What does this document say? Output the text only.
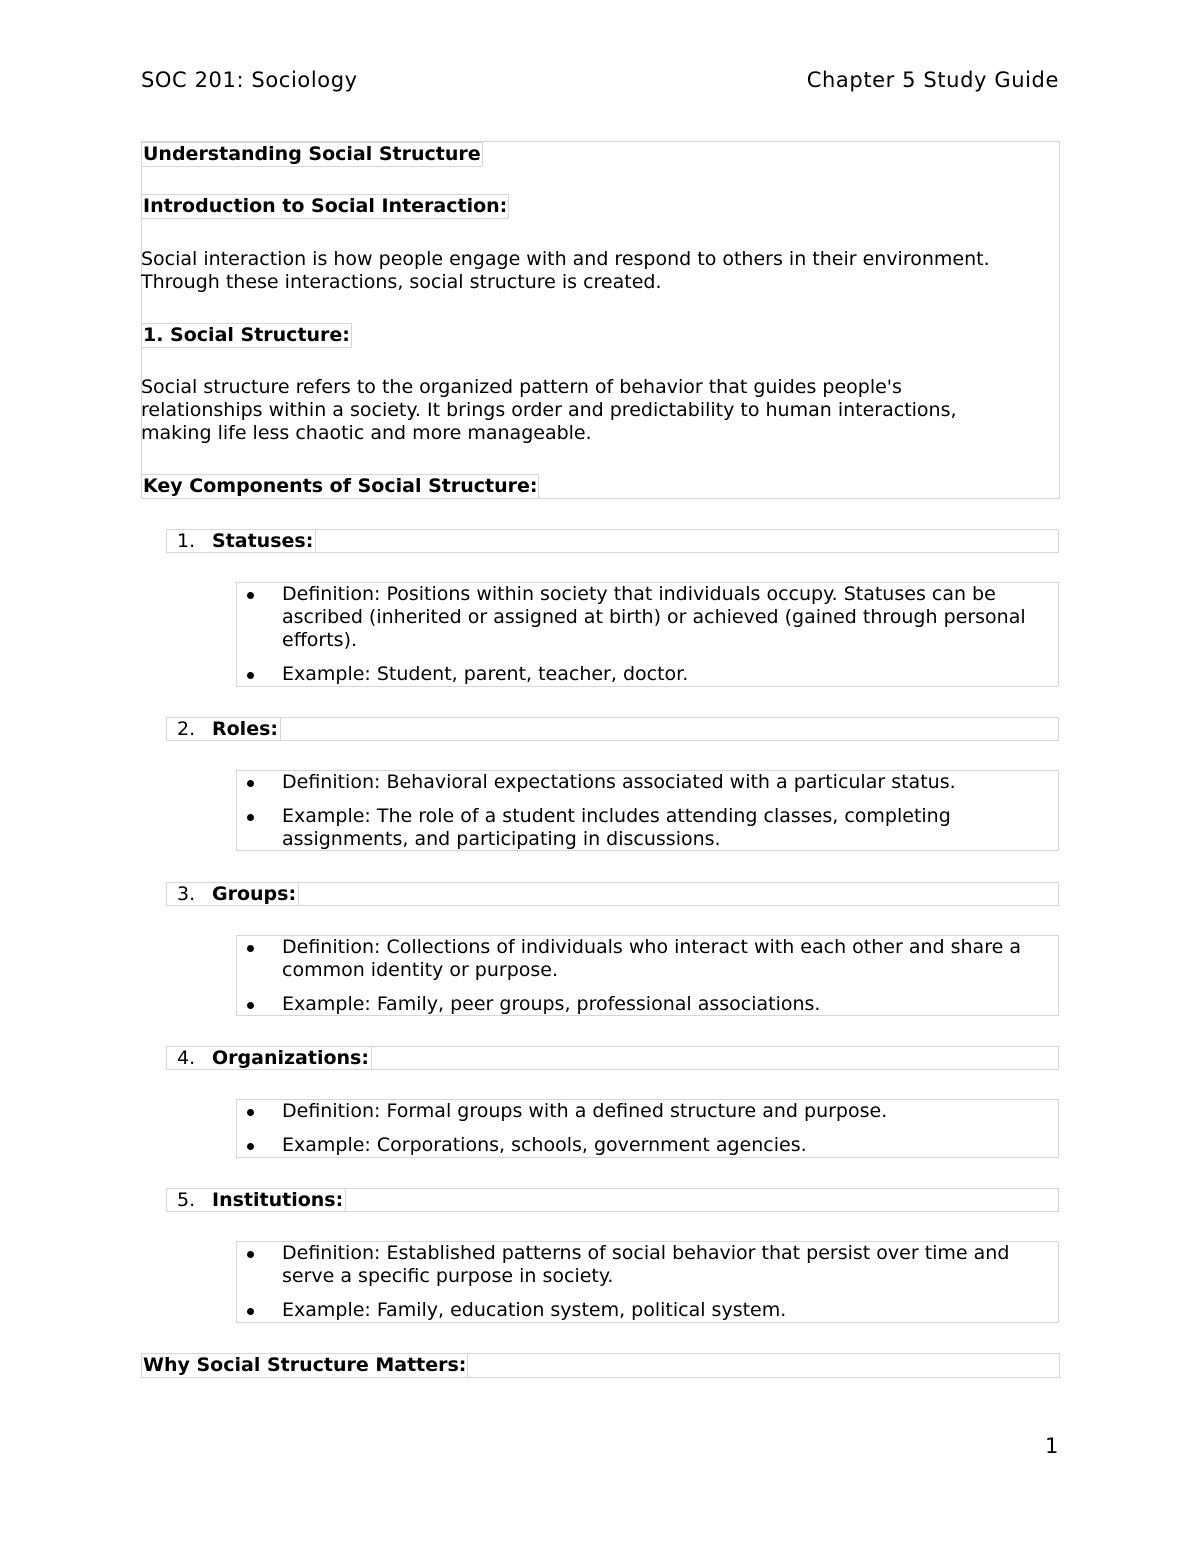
SOC 201: Sociology	Chapter 5 Study Guide
Understanding Social Structure
Introduction to Social Interaction:
Social interaction is how people engage with and respond to others in their environment.
Through these interactions, social structure is created.
1. Social Structure:
Social structure refers to the organized pattern of behavior that guides people's
relationships within a society. It brings order and predictability to human interactions,
making life less chaotic and more manageable.
Key Components of Social Structure:
1. Statuses:
Definition: Positions within society that individuals occupy. Statuses can be
ascribed (inherited or assigned at birth) or achieved (gained through personal
efforts).
Example: Student, parent, teacher, doctor.
2. Roles:
Definition: Behavioral expectations associated with a particular status.
Example: The role of a student includes attending classes, completing
assignments, and participating in discussions.
3. Groups:
Definition: Collections of individuals who interact with each other and share a
common identity or purpose.
Example: Family, peer groups, professional associations.
4. Organizations:
Definition: Formal groups with a defined structure and purpose.
Example: Corporations, schools, government agencies.
5. Institutions:
Definition: Established patterns of social behavior that persist over time and
serve a specific purpose in society.
Example: Family, education system, political system.
Why Social Structure Matters:
1
